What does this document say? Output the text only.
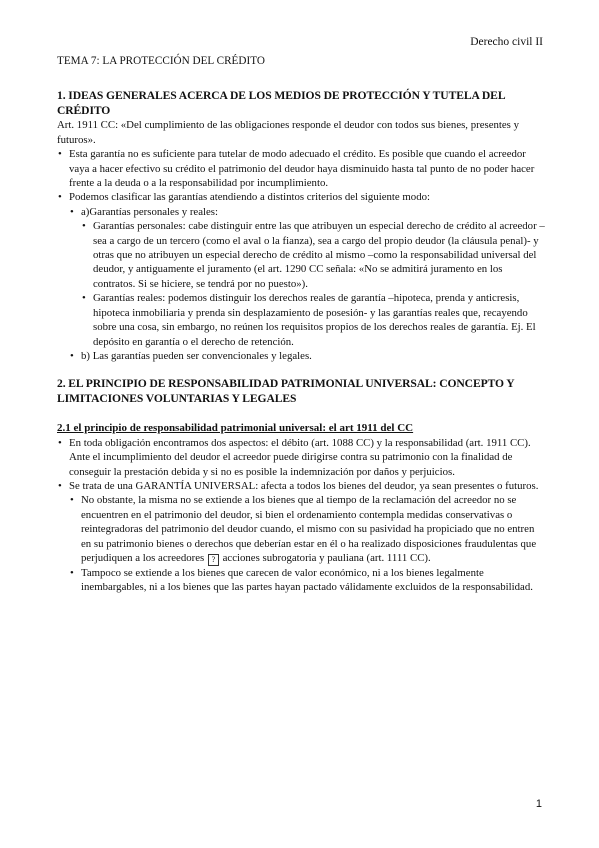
Derecho civil II

TEMA 7: LA PROTECCIÓN DEL CRÉDITO

1. IDEAS GENERALES ACERCA DE LOS MEDIOS DE PROTECCIÓN Y TUTELA DEL CRÉDITO

Art. 1911 CC: «Del cumplimiento de las obligaciones responde el deudor con todos sus bienes, presentes y futuros».

• Esta garantía no es suficiente para tutelar de modo adecuado el crédito. Es posible que cuando el acreedor vaya a hacer efectivo su crédito el patrimonio del deudor haya disminuido hasta tal punto de no poder hacer frente a la deuda o a la responsabilidad por incumplimiento.
• Podemos clasificar las garantías atendiendo a distintos criterios del siguiente modo:
• a)Garantías personales y reales:
• Garantías personales: cabe distinguir entre las que atribuyen un especial derecho de crédito al acreedor –sea a cargo de un tercero (como el aval o la fianza), sea a cargo del propio deudor (la cláusula penal)- y otras que no atribuyen un especial derecho de crédito al mismo –como la responsabilidad universal del deudor, y antiguamente el juramento (el art. 1290 CC señala: «No se admitirá juramento en los contratos. Si se hiciere, se tendrá por no puesto»).
• Garantías reales: podemos distinguir los derechos reales de garantía –hipoteca, prenda y anticresis, hipoteca inmobiliaria y prenda sin desplazamiento de posesión- y las garantías reales que, recayendo sobre una cosa, sin embargo, no reúnen los requisitos propios de los derechos reales de garantía. Ej. El depósito en garantía o el derecho de retención.
• b) Las garantías pueden ser convencionales y legales.
2. EL PRINCIPIO DE RESPONSABILIDAD PATRIMONIAL UNIVERSAL: CONCEPTO Y LIMITACIONES VOLUNTARIAS Y LEGALES
2.1 el principio de responsabilidad patrimonial universal: el art 1911 del CC
• En toda obligación encontramos dos aspectos: el débito (art. 1088 CC) y la responsabilidad (art. 1911 CC). Ante el incumplimiento del deudor el acreedor puede dirigirse contra su patrimonio con la finalidad de conseguir la prestación debida y si no es posible la indemnización por daños y perjuicios.
• Se trata de una GARANTÍA UNIVERSAL: afecta a todos los bienes del deudor, ya sean presentes o futuros.
• No obstante, la misma no se extiende a los bienes que al tiempo de la reclamación del acreedor no se encuentren en el patrimonio del deudor, si bien el ordenamiento contempla medidas conservativas o reintegradoras del patrimonio del deudor cuando, el mismo con su pasividad ha propiciado que no entren en su patrimonio bienes o derechos que deberían estar en él o ha realizado disposiciones fraudulentas que perjudiquen a los acreedores ? acciones subrogatoria y pauliana (art. 1111 CC).
• Tampoco se extiende a los bienes que carecen de valor económico, ni a los bienes legalmente inembargables, ni a los bienes que las partes hayan pactado válidamente excluidos de la responsabilidad.
1
